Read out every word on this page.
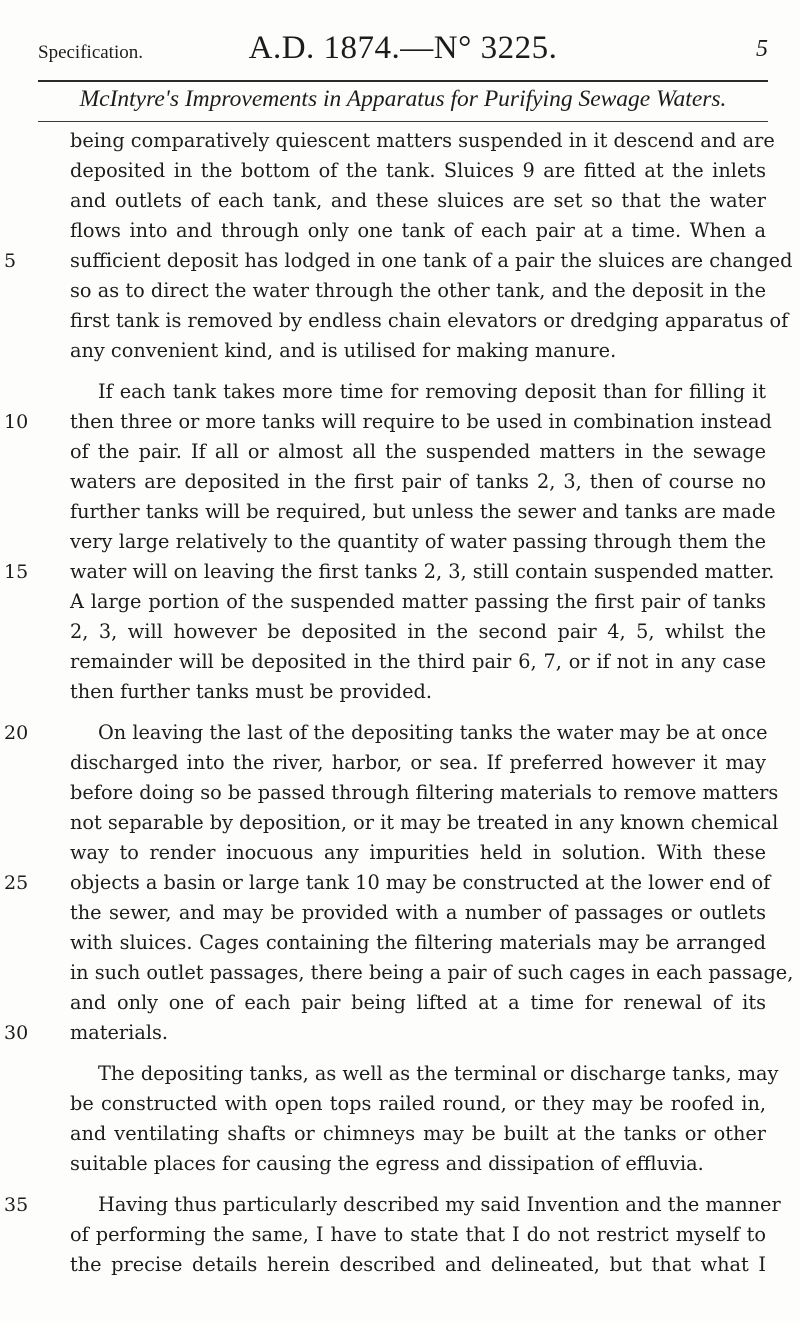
Specification.	A.D. 1874.—N° 3225.	5
McIntyre's Improvements in Apparatus for Purifying Sewage Waters.
being comparatively quiescent matters suspended in it descend and are
deposited in the bottom of the tank. Sluices 9 are fitted at the inlets
and outlets of each tank, and these sluices are set so that the water
flows into and through only one tank of each pair at a time. When a
5	sufficient deposit has lodged in one tank of a pair the sluices are changed
so as to direct the water through the other tank, and the deposit in the
first tank is removed by endless chain elevators or dredging apparatus of
any convenient kind, and is utilised for making manure.
If each tank takes more time for removing deposit than for filling it
10	then three or more tanks will require to be used in combination instead
of the pair. If all or almost all the suspended matters in the sewage
waters are deposited in the first pair of tanks 2, 3, then of course no
further tanks will be required, but unless the sewer and tanks are made
very large relatively to the quantity of water passing through them the
15	water will on leaving the first tanks 2, 3, still contain suspended matter.
A large portion of the suspended matter passing the first pair of tanks
2, 3, will however be deposited in the second pair 4, 5, whilst the
remainder will be deposited in the third pair 6, 7, or if not in any case
then further tanks must be provided.
20	On leaving the last of the depositing tanks the water may be at once
discharged into the river, harbor, or sea. If preferred however it may
before doing so be passed through filtering materials to remove matters
not separable by deposition, or it may be treated in any known chemical
way to render inocuous any impurities held in solution. With these
25	objects a basin or large tank 10 may be constructed at the lower end of
the sewer, and may be provided with a number of passages or outlets
with sluices. Cages containing the filtering materials may be arranged
in such outlet passages, there being a pair of such cages in each passage,
and only one of each pair being lifted at a time for renewal of its
30	materials.
The depositing tanks, as well as the terminal or discharge tanks, may
be constructed with open tops railed round, or they may be roofed in,
and ventilating shafts or chimneys may be built at the tanks or other
suitable places for causing the egress and dissipation of effluvia.
35	Having thus particularly described my said Invention and the manner
of performing the same, I have to state that I do not restrict myself to
the precise details herein described and delineated, but that what I
